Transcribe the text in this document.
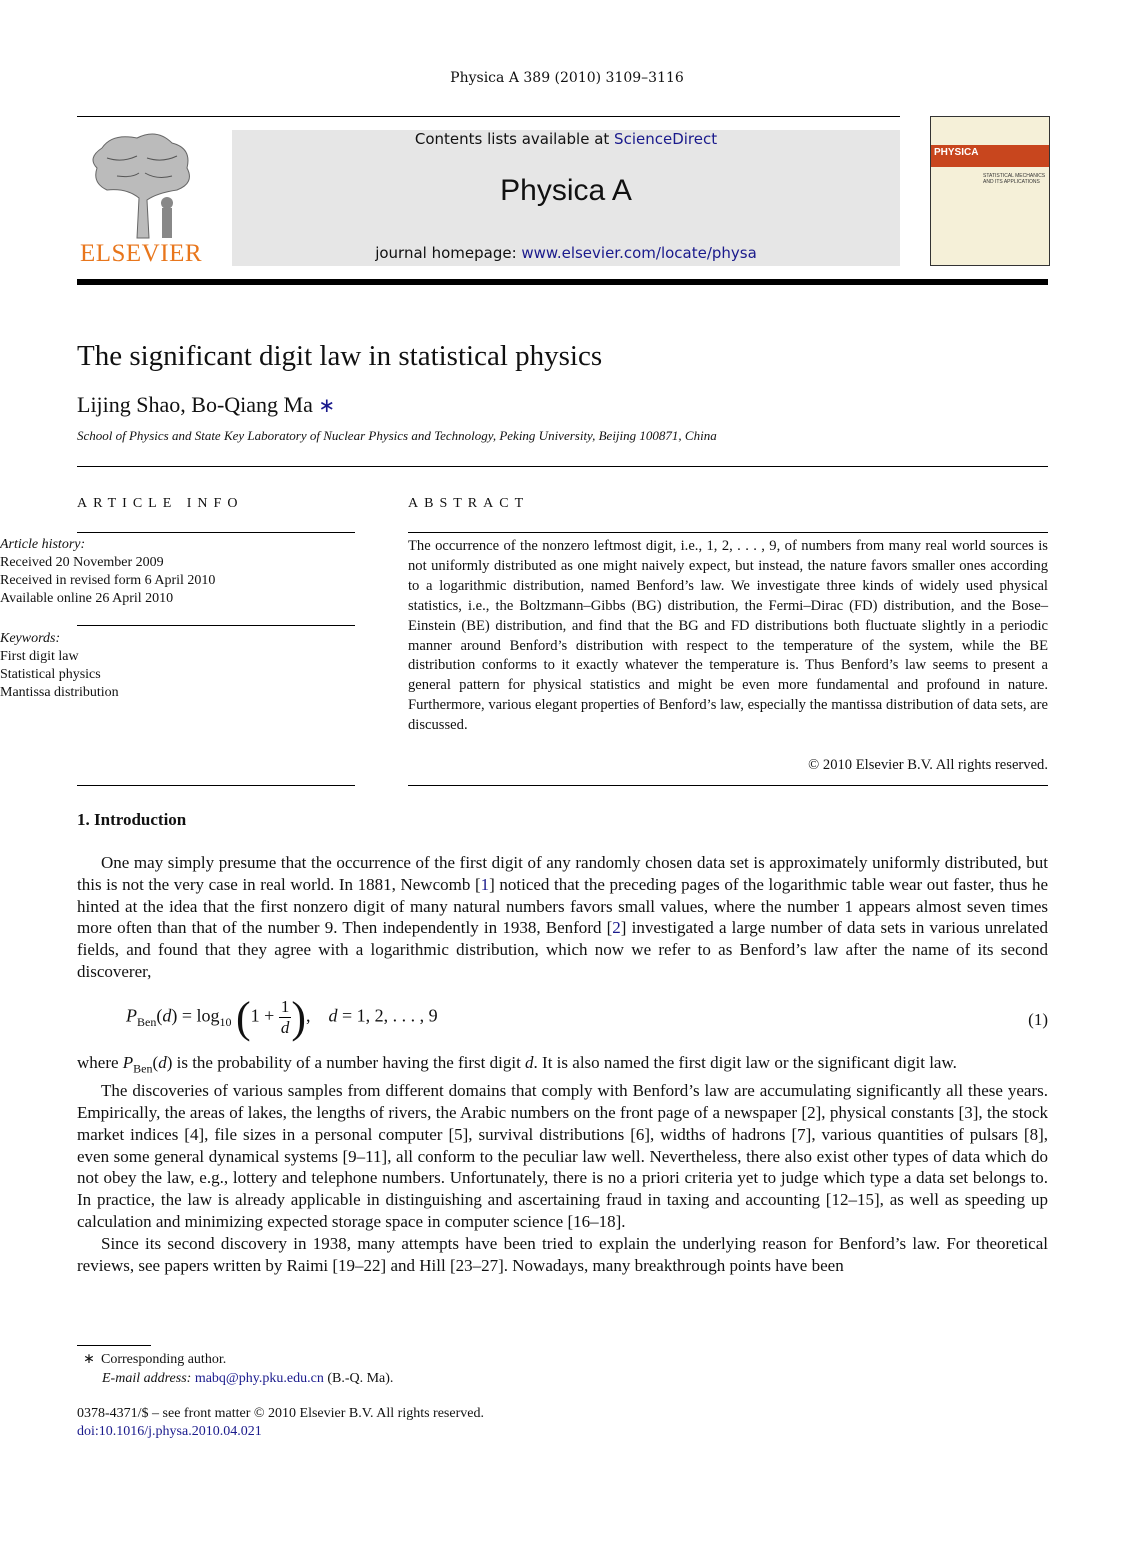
Physica A 389 (2010) 3109–3116
ELSEVIER
Contents lists available at ScienceDirect
Physica A
journal homepage: www.elsevier.com/locate/physa
PHYSICA
STATISTICAL MECHANICS AND ITS APPLICATIONS
The significant digit law in statistical physics
Lijing Shao, Bo-Qiang Ma ∗
School of Physics and State Key Laboratory of Nuclear Physics and Technology, Peking University, Beijing 100871, China
ARTICLE INFO	ABSTRACT
Article history:
Received 20 November 2009
Received in revised form 6 April 2010
Available online 26 April 2010
Keywords:
First digit law
Statistical physics
Mantissa distribution
The occurrence of the nonzero leftmost digit, i.e., 1, 2, . . . , 9, of numbers from many real world sources is not uniformly distributed as one might naively expect, but instead, the nature favors smaller ones according to a logarithmic distribution, named Benford’s law. We investigate three kinds of widely used physical statistics, i.e., the Boltzmann–Gibbs (BG) distribution, the Fermi–Dirac (FD) distribution, and the Bose–Einstein (BE) distribution, and find that the BG and FD distributions both fluctuate slightly in a periodic manner around Benford’s distribution with respect to the temperature of the system, while the BE distribution conforms to it exactly whatever the temperature is. Thus Benford’s law seems to present a general pattern for physical statistics and might be even more fundamental and profound in nature. Furthermore, various elegant properties of Benford’s law, especially the mantissa distribution of data sets, are discussed.
© 2010 Elsevier B.V. All rights reserved.
1. Introduction
One may simply presume that the occurrence of the first digit of any randomly chosen data set is approximately uniformly distributed, but this is not the very case in real world. In 1881, Newcomb [1] noticed that the preceding pages of the logarithmic table wear out faster, thus he hinted at the idea that the first nonzero digit of many natural numbers favors small values, where the number 1 appears almost seven times more often than that of the number 9. Then independently in 1938, Benford [2] investigated a large number of data sets in various unrelated fields, and found that they agree with a logarithmic distribution, which now we refer to as Benford’s law after the name of its second discoverer,
$P_{Ben}(d) = \log_{10} (1 + \frac{1}{d}$ ),    d = 1, 2, . . . , 9	(1)
where $P_{Ben}(d)$ is the probability of a number having the first digit d. It is also named the first digit law or the significant digit law.
The discoveries of various samples from different domains that comply with Benford’s law are accumulating significantly all these years. Empirically, the areas of lakes, the lengths of rivers, the Arabic numbers on the front page of a newspaper [2], physical constants [3], the stock market indices [4], file sizes in a personal computer [5], survival distributions [6], widths of hadrons [7], various quantities of pulsars [8], even some general dynamical systems [9–11], all conform to the peculiar law well. Nevertheless, there also exist other types of data which do not obey the law, e.g., lottery and telephone numbers. Unfortunately, there is no a priori criteria yet to judge which type a data set belongs to. In practice, the law is already applicable in distinguishing and ascertaining fraud in taxing and accounting [12–15], as well as speeding up calculation and minimizing expected storage space in computer science [16–18].
Since its second discovery in 1938, many attempts have been tried to explain the underlying reason for Benford’s law. For theoretical reviews, see papers written by Raimi [19–22] and Hill [23–27]. Nowadays, many breakthrough points have been
∗ Corresponding author.
E-mail address: mabq@phy.pku.edu.cn (B.-Q. Ma).
0378-4371/$ – see front matter © 2010 Elsevier B.V. All rights reserved.
doi:10.1016/j.physa.2010.04.021
